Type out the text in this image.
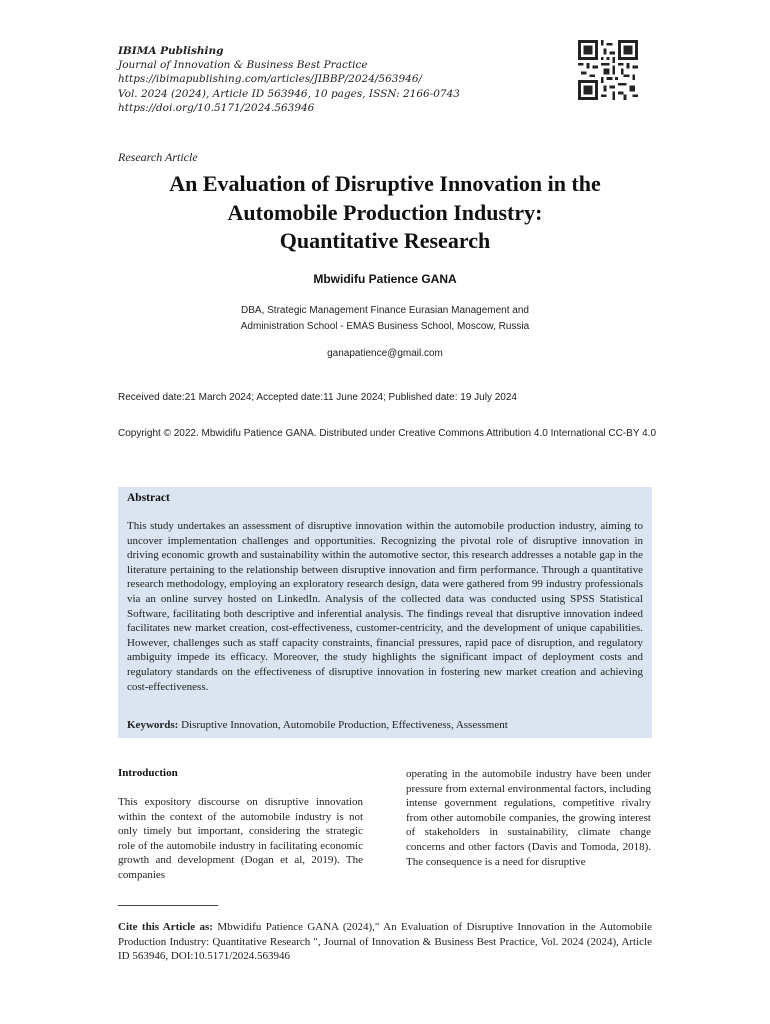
IBIMA Publishing
Journal of Innovation & Business Best Practice
https://ibimapublishing.com/articles/JIBBP/2024/563946/
Vol. 2024 (2024), Article ID 563946, 10 pages, ISSN: 2166-0743
https://doi.org/10.5171/2024.563946
Research Article
An Evaluation of Disruptive Innovation in the
Automobile Production Industry:
Quantitative Research
Mbwidifu Patience GANA
DBA, Strategic Management Finance Eurasian Management and
Administration School - EMAS Business School, Moscow, Russia
ganapatience@gmail.com
Received date:21 March 2024; Accepted date:11 June 2024; Published date: 19 July 2024
Copyright © 2022. Mbwidifu Patience GANA. Distributed under Creative Commons Attribution 4.0 International CC-BY 4.0
Abstract
This study undertakes an assessment of disruptive innovation within the automobile production industry, aiming to uncover implementation challenges and opportunities. Recognizing the pivotal role of disruptive innovation in driving economic growth and sustainability within the automotive sector, this research addresses a notable gap in the literature pertaining to the relationship between disruptive innovation and firm performance. Through a quantitative research methodology, employing an exploratory research design, data were gathered from 99 industry professionals via an online survey hosted on LinkedIn. Analysis of the collected data was conducted using SPSS Statistical Software, facilitating both descriptive and inferential analysis. The findings reveal that disruptive innovation indeed facilitates new market creation, cost-effectiveness, customer-centricity, and the development of unique capabilities. However, challenges such as staff capacity constraints, financial pressures, rapid pace of disruption, and regulatory ambiguity impede its efficacy. Moreover, the study highlights the significant impact of deployment costs and regulatory standards on the effectiveness of disruptive innovation in fostering new market creation and achieving cost-effectiveness.
Keywords: Disruptive Innovation, Automobile Production, Effectiveness, Assessment
Introduction
This expository discourse on disruptive innovation within the context of the automobile industry is not only timely but important, considering the strategic role of the automobile industry in facilitating economic growth and development (Dogan et al, 2019). The companies
operating in the automobile industry have been under pressure from external environmental factors, including intense government regulations, competitive rivalry from other automobile companies, the growing interest of stakeholders in sustainability, climate change concerns and other factors (Davis and Tomoda, 2018). The consequence is a need for disruptive
Cite this Article as: Mbwidifu Patience GANA (2024)," An Evaluation of Disruptive Innovation in the Automobile Production Industry: Quantitative Research ", Journal of Innovation & Business Best Practice, Vol. 2024 (2024), Article ID 563946, DOI:10.5171/2024.563946
